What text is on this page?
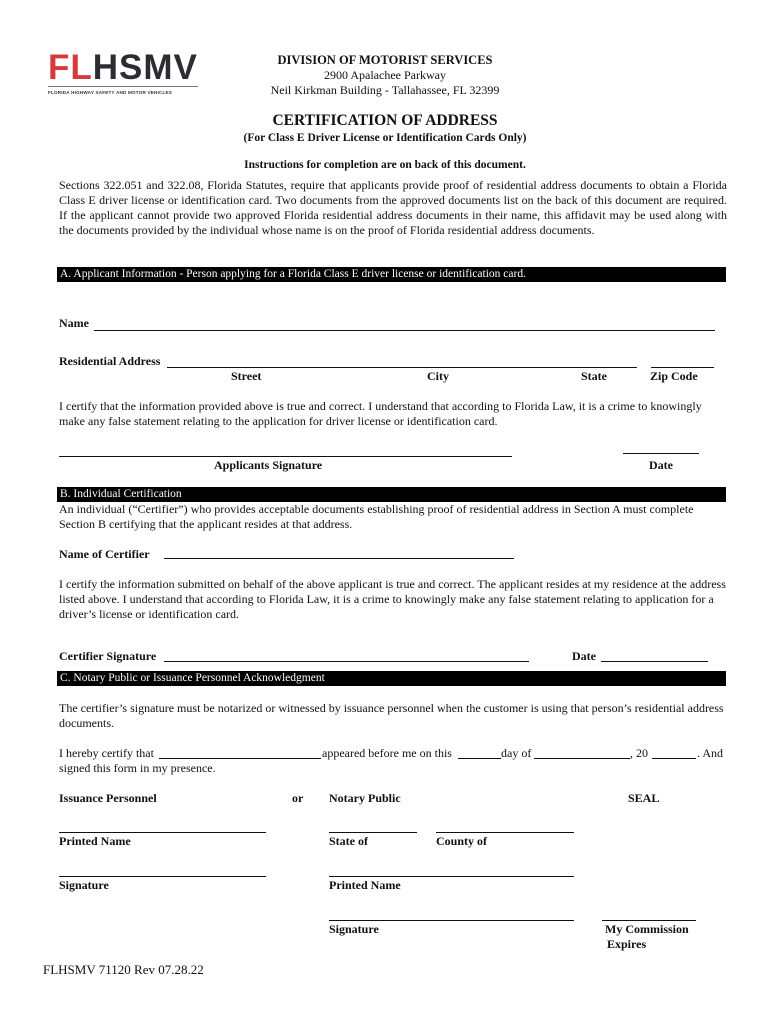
FLHSMV
FLORIDA HIGHWAY SAFETY AND MOTOR VEHICLES
DIVISION OF MOTORIST SERVICES
2900 Apalachee Parkway
Neil Kirkman Building - Tallahassee, FL 32399
CERTIFICATION OF ADDRESS
(For Class E Driver License or Identification Cards Only)
Instructions for completion are on back of this document.
Sections 322.051 and 322.08, Florida Statutes, require that applicants provide proof of residential address documents to obtain a Florida Class E driver license or identification card. Two documents from the approved documents list on the back of this document are required. If the applicant cannot provide two approved Florida residential address documents in their name, this affidavit may be used along with the documents provided by the individual whose name is on the proof of Florida residential address documents.
A. Applicant Information - Person applying for a Florida Class E driver license or identification card.
Name
Residential Address
Street	City	State	Zip Code
I certify that the information provided above is true and correct. I understand that according to Florida Law, it is a crime to knowingly make any false statement relating to the application for driver license or identification card.
Applicants Signature	Date
B. Individual Certification
An individual (“Certifier”) who provides acceptable documents establishing proof of residential address in Section A must complete Section B certifying that the applicant resides at that address.
Name of Certifier
I certify the information submitted on behalf of the above applicant is true and correct. The applicant resides at my residence at the address listed above. I understand that according to Florida Law, it is a crime to knowingly make any false statement relating to application for a driver’s license or identification card.
Certifier Signature	Date
C. Notary Public or Issuance Personnel Acknowledgment
The certifier’s signature must be notarized or witnessed by issuance personnel when the customer is using that person’s residential address documents.
I hereby certify that	appeared before me on this	day of	, 20	. And
signed this form in my presence.
Issuance Personnel	or Notary Public	SEAL
Printed Name	State of	County of
Signature	Printed Name
Signature	My Commission
Expires
FLHSMV 71120 Rev 07.28.22
